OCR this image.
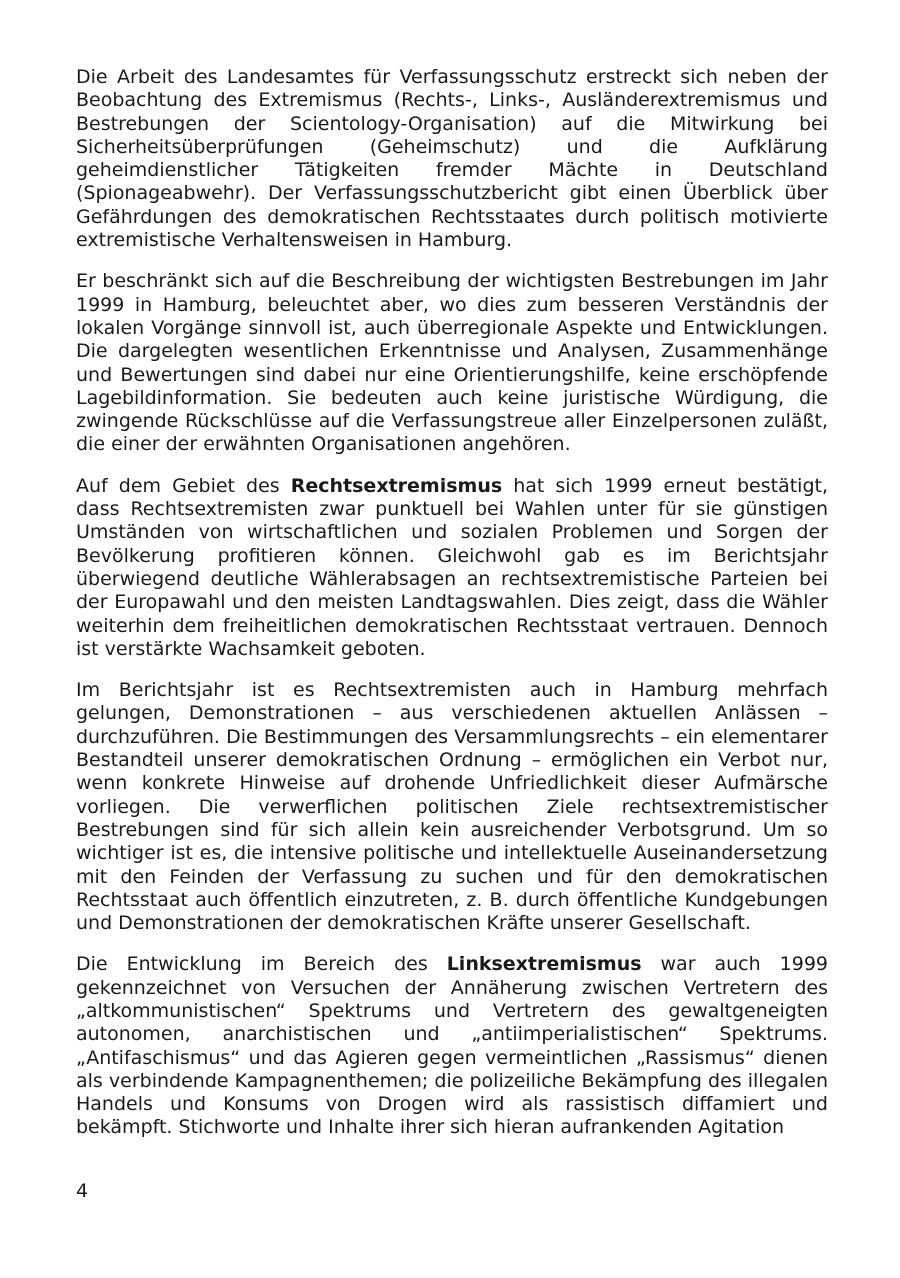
Die Arbeit des Landesamtes für Verfassungsschutz erstreckt sich neben der Beobachtung des Extremismus (Rechts-, Links-, Ausländerextremismus und Bestrebungen der Scientology-Organisation) auf die Mitwirkung bei Sicherheitsüberprüfungen (Geheimschutz) und die Aufklärung geheimdienstlicher Tätigkeiten fremder Mächte in Deutschland (Spionageabwehr). Der Verfassungsschutzbericht gibt einen Überblick über Gefährdungen des demokratischen Rechtsstaates durch politisch motivierte extremistische Verhaltensweisen in Hamburg.

Er beschränkt sich auf die Beschreibung der wichtigsten Bestrebungen im Jahr 1999 in Hamburg, beleuchtet aber, wo dies zum besseren Verständnis der lokalen Vorgänge sinnvoll ist, auch überregionale Aspekte und Entwicklungen. Die dargelegten wesentlichen Erkenntnisse und Analysen, Zusammenhänge und Bewertungen sind dabei nur eine Orientierungshilfe, keine erschöpfende Lagebildinformation. Sie bedeuten auch keine juristische Würdigung, die zwingende Rückschlüsse auf die Verfassungstreue aller Einzelpersonen zuläßt, die einer der erwähnten Organisationen angehören.

Auf dem Gebiet des Rechtsextremismus hat sich 1999 erneut bestätigt, dass Rechtsextremisten zwar punktuell bei Wahlen unter für sie günstigen Umständen von wirtschaftlichen und sozialen Problemen und Sorgen der Bevölkerung profitieren können. Gleichwohl gab es im Berichtsjahr überwiegend deutliche Wählerabsagen an rechtsextremistische Parteien bei der Europawahl und den meisten Landtagswahlen. Dies zeigt, dass die Wähler weiterhin dem freiheitlichen demokratischen Rechtsstaat vertrauen. Dennoch ist verstärkte Wachsamkeit geboten.

Im Berichtsjahr ist es Rechtsextremisten auch in Hamburg mehrfach gelungen, Demonstrationen – aus verschiedenen aktuellen Anlässen – durchzuführen. Die Bestimmungen des Versammlungsrechts – ein elementarer Bestandteil unserer demokratischen Ordnung – ermöglichen ein Verbot nur, wenn konkrete Hinweise auf drohende Unfriedlichkeit dieser Aufmärsche vorliegen. Die verwerflichen politischen Ziele rechtsextremistischer Bestrebungen sind für sich allein kein ausreichender Verbotsgrund. Um so wichtiger ist es, die intensive politische und intellektuelle Auseinandersetzung mit den Feinden der Verfassung zu suchen und für den demokratischen Rechtsstaat auch öffentlich einzutreten, z. B. durch öffentliche Kundgebungen und Demonstrationen der demokratischen Kräfte unserer Gesellschaft.

Die Entwicklung im Bereich des Linksextremismus war auch 1999 gekennzeichnet von Versuchen der Annäherung zwischen Vertretern des „altkommunistischen“ Spektrums und Vertretern des gewaltgeneigten autonomen, anarchistischen und „antiimperialistischen“ Spektrums. „Antifaschismus“ und das Agieren gegen vermeintlichen „Rassismus“ dienen als verbindende Kampagnenthemen; die polizeiliche Bekämpfung des illegalen Handels und Konsums von Drogen wird als rassistisch diffamiert und bekämpft. Stichworte und Inhalte ihrer sich hieran aufrankenden Agitation

4
